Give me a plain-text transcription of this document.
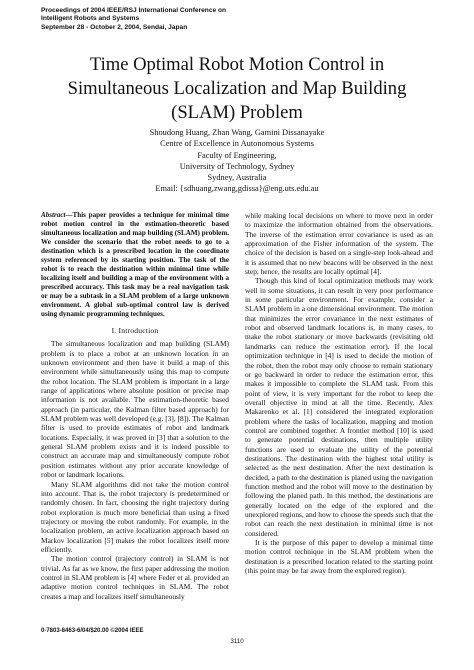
Proceedings of 2004 IEEE/RSJ International Conference on
Intelligent Robots and Systems
September 28 - October 2, 2004, Sendai, Japan
Time Optimal Robot Motion Control in
Simultaneous Localization and Map Building
(SLAM) Problem
Shoudong Huang, Zhan Wang, Gamini Dissanayake
Centre of Excellence in Autonomous Systems
Faculty of Engineering,
University of Technology, Sydney
Sydney, Australia
Email: {sdhuang,zwang,gdissa}@eng.uts.edu.au
Abstract—This paper provides a technique for minimal time robot motion control in the estimation-theoretic based simultaneous localization and map building (SLAM) problem. We consider the scenario that the robot needs to go to a destination which is a prescribed location in the coordinate system referenced by its starting position. The task of the robot is to reach the destination within minimal time while localizing itself and building a map of the environment with a prescribed accuracy. This task may be a real navigation task or may be a subtask in a SLAM problem of a large unknown environment. A global sub-optimal control law is derived using dynamic programming techniques.
I. Introduction

The simultaneous localization and map building (SLAM) problem is to place a robot at an unknown location in an unknown environment and then have it build a map of this environment while simultaneously using this map to compute the robot location. The SLAM problem is important in a large range of applications where absolute position or precise map information is not available. The estimation-theoretic based approach (in particular, the Kalman filter based approach) for SLAM problem was well developed (e.g. [3], [8]). The Kalman filter is used to provide estimates of robot and landmark locations. Especially, it was proved in [3] that a solution to the general SLAM problem exists and it is indeed possible to construct an accurate map and simultaneously compute robot position estimates without any prior accurate knowledge of robot or landmark locations.

Many SLAM algorithms did not take the motion control into account. That is, the robot trajectory is predetermined or randomly chosen. In fact, choosing the right trajectory during robot exploration is much more beneficial than using a fixed trajectory or moving the robot randomly. For example, in the localization problem, an active localization approach based on Markov localization [5] makes the robot localizes itself more efficiently.

The motion control (trajectory control) in SLAM is not trivial. As far as we know, the first paper addressing the motion control in SLAM problem is [4] where Feder et al. provided an adaptive motion control techniques in SLAM. The robot creates a map and localizes itself simultaneously

while making local decisions on where to move next in order to maximize the information obtained from the observations. The inverse of the estimation error covariance is used as an approximation of the Fisher information of the system. The choice of the decision is based on a single-step look-ahead and it is assumed that no new beacons will be observed in the next step, hence, the results are locally optimal [4].

Though this kind of local optimization methods may work well in some situations, it can result in very poor performance in some particular environment. For example, consider a SLAM problem in a one dimensional environment. The motion that minimizes the error covariance in the next estimates of robot and observed landmark locations is, in many cases, to make the robot stationary or move backwards (revisiting old landmarks can reduce the estimation error). If the local optimization technique in [4] is used to decide the motion of the robot, then the robot may only choose to remain stationary or go backward in order to reduce the estimation error, this makes it impossible to complete the SLAM task. From this point of view, it is very important for the robot to keep the overall objective in mind at all the time. Recently, Alex Makarenko et al. [1] considered the integrated exploration problem where the tasks of localization, mapping and motion control are combined together. A frontier method [10] is used to generate potential destinations, then multiple utility functions are used to evaluate the utility of the potential destinations. The destination with the highest total utility is selected as the next destination. After the next destination is decided, a path to the destination is planed using the navigation function method and the robot will move to the destination by following the planed path. In this method, the destinations are generally located on the edge of the explored and the unexplored regions, and how to choose the speeds such that the robot can reach the next destination in minimal time is not considered.

It is the purpose of this paper to develop a minimal time motion control technique in the SLAM problem when the destination is a prescribed location related to the starting point (this point may be far away from the explored region).

0-7803-8463-6/04/$20.00 ©2004 IEEE
3110
